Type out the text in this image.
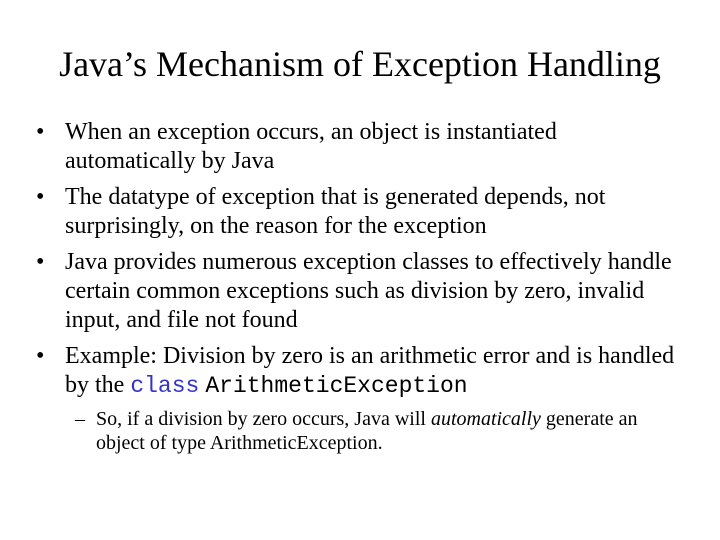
Java’s Mechanism of Exception Handling
• When an exception occurs, an object is instantiated automatically by Java
• The datatype of exception that is generated depends, not surprisingly, on the reason for the exception
• Java provides numerous exception classes to effectively handle certain common exceptions such as division by zero, invalid input, and file not found
• Example: Division by zero is an arithmetic error and is handled by the class ArithmeticException
– So, if a division by zero occurs, Java will automatically generate an object of type ArithmeticException.
